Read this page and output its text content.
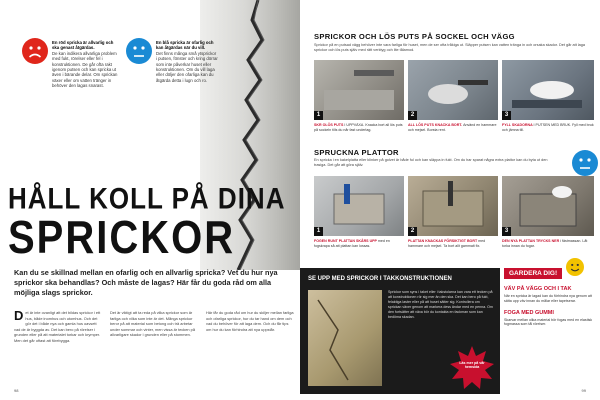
En röd spricka är allvarlig och ska genast åtgärdas.
De kan indikera allvarliga problem med fukt, rörelser eller fel i konstruktionen. De går ofta rakt igenom putsen och kan spricka ut även i bärande delar. Om sprickan växer eller om vatten tränger in behöver den lagas snarast.
En blå spricka är ofarlig och kan åtgärdas när du vill.
Det finns många små ytsprickor i putsen, fönster och kring dörrar som inte påverkar huset eller konstruktionen. Om du vill laga eller döljer den ofarliga kan du åtgärda detta i lugn och ro.
HÅLL KOLL PÅ DINA
SPRICKOR
Kan du se skillnad mellan en ofarlig och en allvarlig spricka? Vet du hur nya sprickor ska behandlas? Och måste de lagas? Här får du goda råd om alla möjliga slags sprickor.
D et är inte ovanligt att det bildas sprickor i ett hus, både inomhus och utomhus. Och det gör det i både nya och gamla hus oavsett vad de är byggda av. Det kan bero på rörelser i grunden eller på att materialet torkar och krymper. Men det går oftast att förebygga.
Det är viktigt att ta reda på vilka sprickor som är farliga och vilka som inte är det. Många sprickor beror på att material som betong och trä arbetar under sommar och vinter, men vissa är tecken på allvarligare skador i grunden eller på stommen.
Här får du goda råd om hur du skiljer mellan farliga och ofarliga sprickor, hur du tar hand om dem och vad du behöver för att laga dem. Och du får tips om hur du kan förhindra att nya uppstår.
98
SPRICKOR OCH LÖS PUTS PÅ SOCKEL OCH VÄGG
Sprickor på en putsad vägg behöver inte vara farliga för huset, men de ser ofta tråkiga ut. Släpper putsen kan vatten tränga in och orsaka skador. Det går att laga sprickor och lös puts själv med rätt verktyg och lite tålamod.
1	2	3
SKR OLÖS PUTS I UPPVÄXA. Knacka bort all lös puts på sockeln tills du når fast underlag.
ALL LÖS PUTS KNACKA BORT. Använd en hammare och mejsel. Borsta rent.
FYLL SKADORNA I PUTSEN MED BRUK. Fyll med bruk och jämna till.
SPRUCKNA PLATTOR
En spricka i en kakelplatta eller klinker på golvet är både ful och kan släppa in fukt. Om du har sparat några extra plattor kan du byta ut den trasiga. Det går att göra själv.
1	2	3
FOGEN RUNT PLATTAN SKÅRS UPP med en fogskrapa så att plattan kan lossas.
PLATTAN KNACKAS FÖRSIKTIGT BORT med hammare och mejsel. Ta bort allt gammalt fix.
DEN NYA PLATTAN TRYCKS NER i fästmassan. Låt torka innan du fogar.
99
SE UPP MED SPRICKOR I TAKKONSTRUKTIONEN
Sprickor som syns i taket eller i takstolarna kan vara ett tecken på att konstruktionen rör sig mer än den ska. Det kan bero på fukt, felaktiga laster eller på att huset sätter sig. Kontrollera om sprickan växer genom att markera dess ändar med en penna. Om den fortsätter att växa bör du kontakta en fackman som kan bedöma skadan.
Läs mer på vår hemsida
GARDERA DIG!
VÄV PÅ VÄGG OCH I TAK
När en spricka är lagad kan du förhindra nya genom att sätta upp väv innan du målar eller tapetserar.
FOGA MED GUMMI
Skarvar mellan olika material bör fogas med en elastisk fogmassa som tål rörelser.
